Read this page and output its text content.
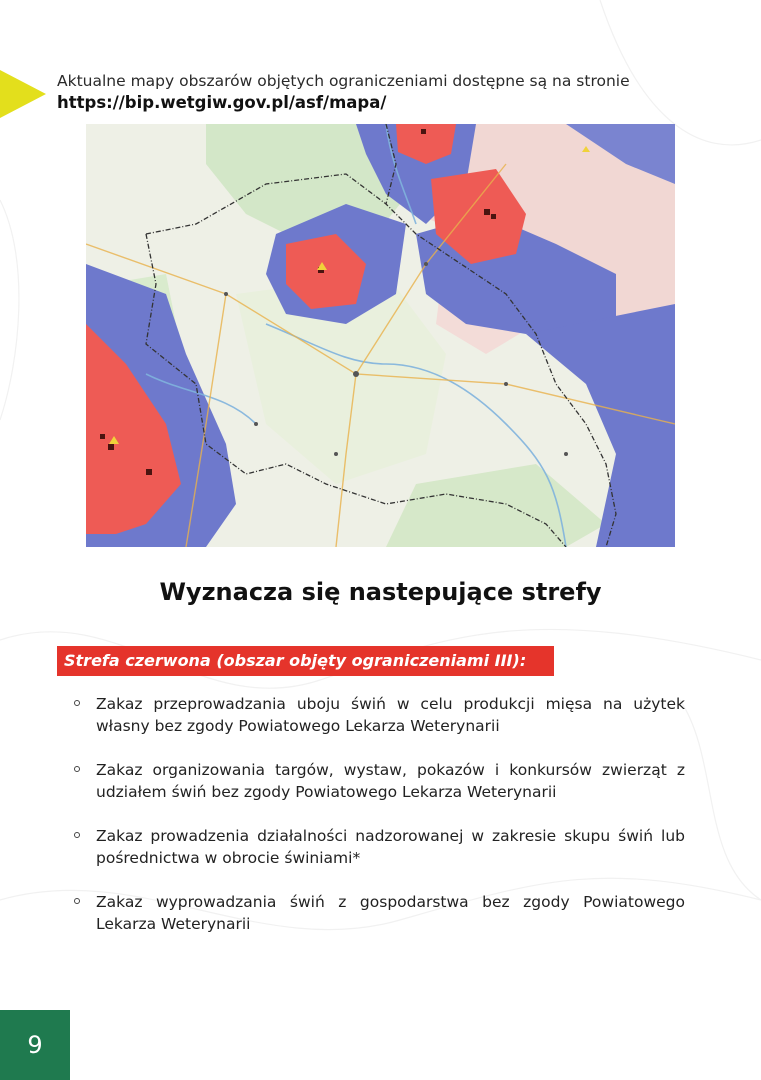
Aktualne mapy obszarów objętych ograniczeniami dostępne są na stronie
https://bip.wetgiw.gov.pl/asf/mapa/
Wyznacza się nastepujące strefy
Strefa czerwona (obszar objęty ograniczeniami III):
Zakaz przeprowadzania uboju świń w celu produkcji mięsa na użytek własny bez zgody Powiatowego Lekarza Weterynarii
Zakaz organizowania targów, wystaw, pokazów i konkursów zwierząt z udziałem świń bez zgody Powiatowego Lekarza Weterynarii
Zakaz prowadzenia działalności nadzorowanej w zakresie skupu świń lub pośrednictwa w obrocie świniami*
Zakaz wyprowadzania świń z gospodarstwa bez zgody Powiatowego Lekarza Weterynarii
9
